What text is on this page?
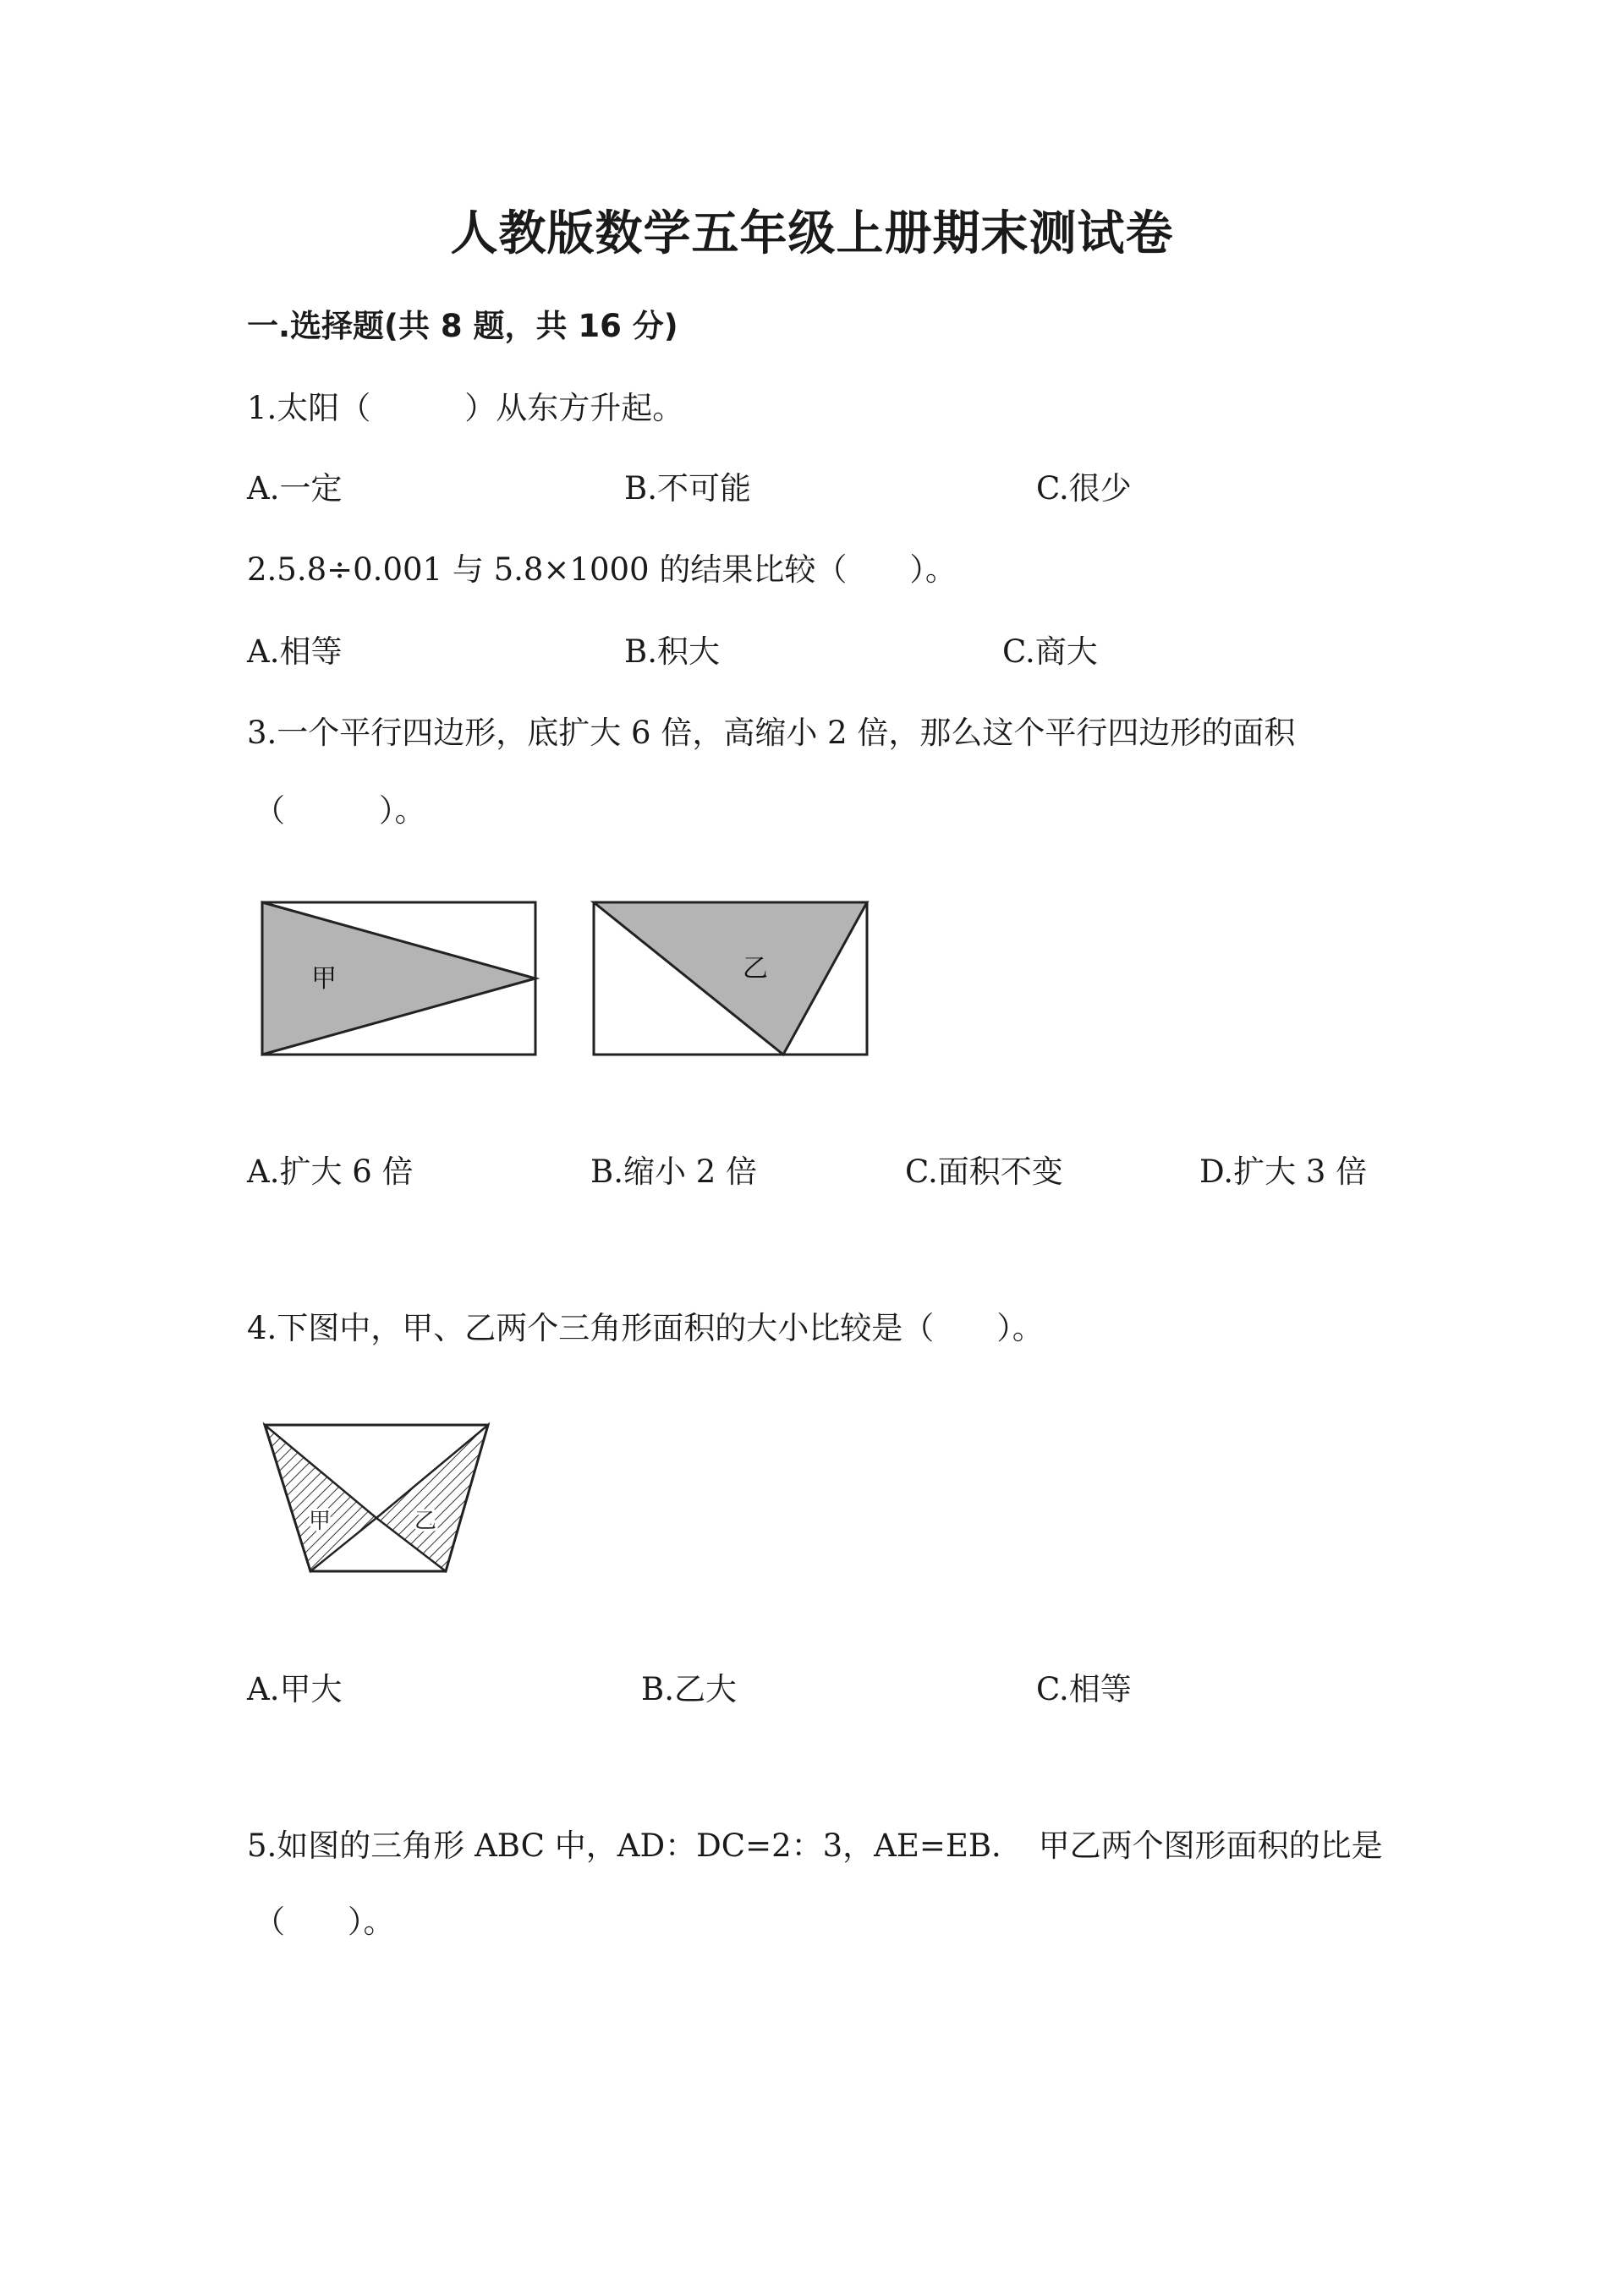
人教版数学五年级上册期末测试卷
一.选择题(共 8 题，共 16 分)
1.太阳（　　　）从东方升起。
A.一定	B.不可能	C.很少
2.5.8÷0.001 与 5.8×1000 的结果比较（　　）。
A.相等	B.积大	C.商大
3.一个平行四边形，底扩大 6 倍，高缩小 2 倍，那么这个平行四边形的面积
（　　　）。
甲	乙
A.扩大 6 倍	B.缩小 2 倍	C.面积不变	D.扩大 3 倍
4.下图中，甲、乙两个三角形面积的大小比较是（　　）。
甲	乙
A.甲大	B.乙大	C.相等
5.如图的三角形 ABC 中，AD：DC=2：3，AE=EB．　甲乙两个图形面积的比是
（　　）。
